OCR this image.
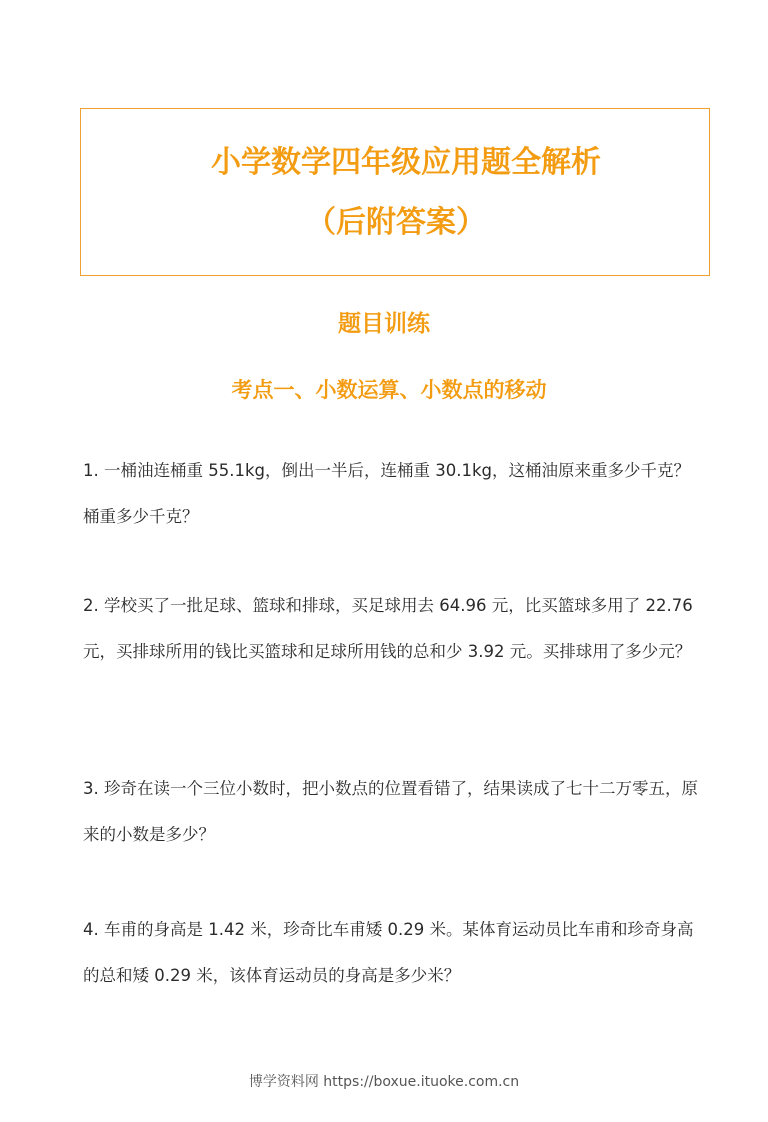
小学数学四年级应用题全解析
（后附答案）
题目训练
考点一、小数运算、小数点的移动
1. 一桶油连桶重 55.1kg，倒出一半后，连桶重 30.1kg，这桶油原来重多少千克？桶重多少千克？
2. 学校买了一批足球、篮球和排球，买足球用去 64.96 元，比买篮球多用了 22.76 元，买排球所用的钱比买篮球和足球所用钱的总和少 3.92 元。买排球用了多少元？
3. 珍奇在读一个三位小数时，把小数点的位置看错了，结果读成了七十二万零五，原来的小数是多少？
4. 车甫的身高是 1.42 米，珍奇比车甫矮 0.29 米。某体育运动员比车甫和珍奇身高的总和矮 0.29 米，该体育运动员的身高是多少米？
博学资料网 https://boxue.ituoke.com.cn
